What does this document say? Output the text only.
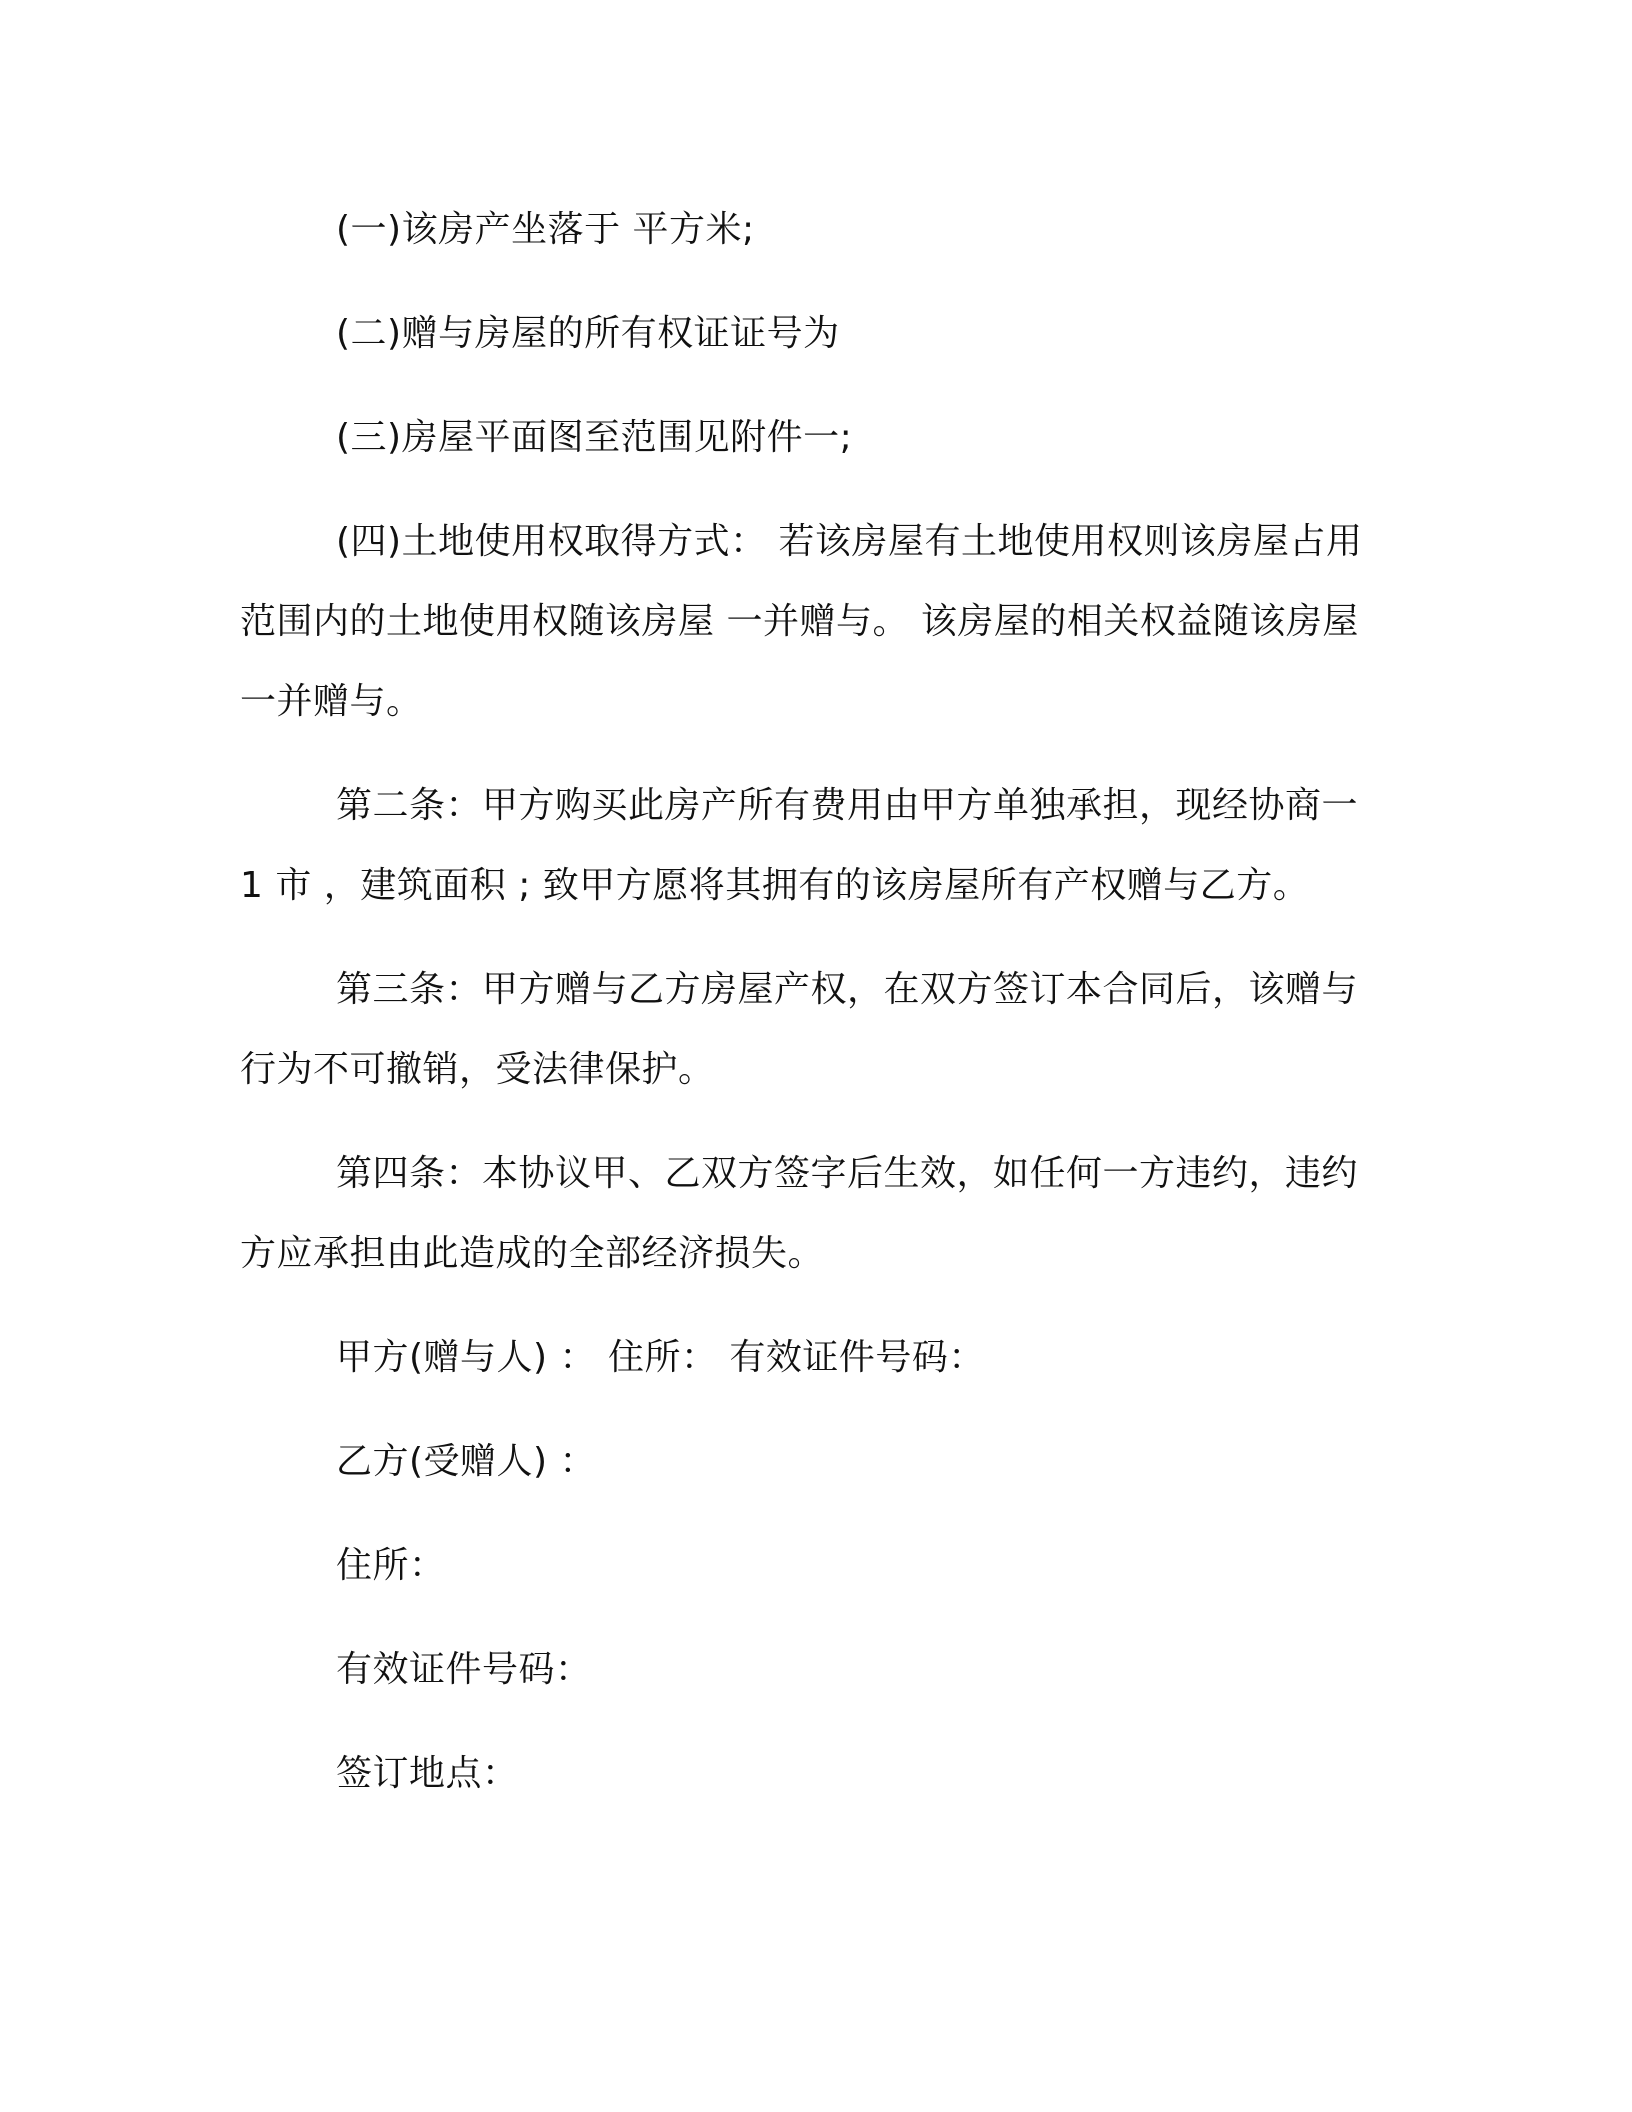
(一)该房产坐落于 平方米;

(二)赠与房屋的所有权证证号为

(三)房屋平面图至范围见附件一;

(四)土地使用权取得方式： 若该房屋有土地使用权则该房屋占用范围内的土地使用权随该房屋 一并赠与。 该房屋的相关权益随该房屋一并赠与。

第二条：甲方购买此房产所有费用由甲方单独承担，现经协商一1 市 ，建筑面积 ; 致甲方愿将其拥有的该房屋所有产权赠与乙方。

第三条：甲方赠与乙方房屋产权，在双方签订本合同后，该赠与行为不可撤销，受法律保护。

第四条：本协议甲、乙双方签字后生效，如任何一方违约，违约方应承担由此造成的全部经济损失。

甲方(赠与人) ： 住所： 有效证件号码：

乙方(受赠人) ：

住所：

有效证件号码：

签订地点：
